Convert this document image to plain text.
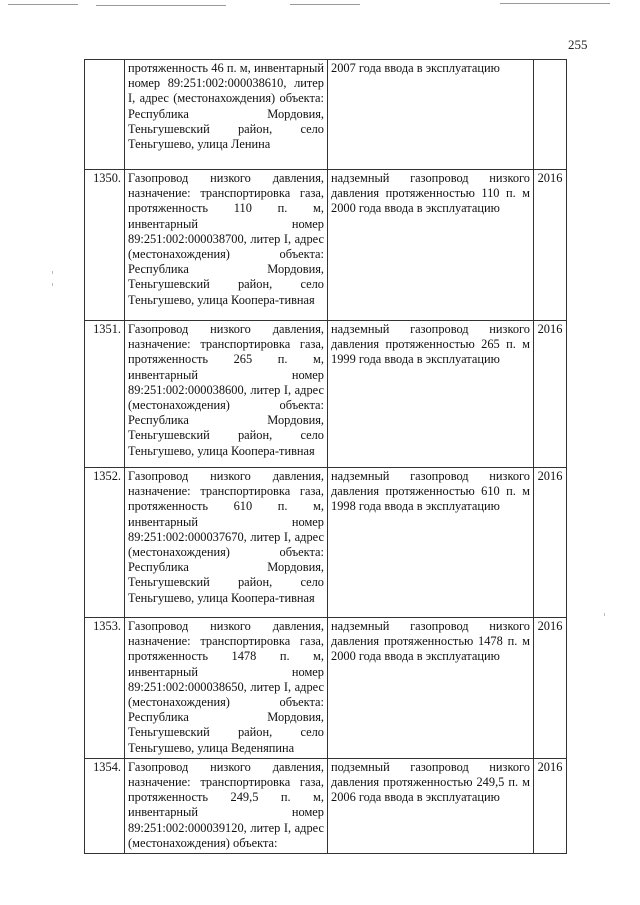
255
	протяженность 46 п. м, инвентарный номер 89:251:002:000038610, литер I, адрес (местонахождения) объекта: Республика Мордовия, Теньгушевский район, село Теньгушево, улица Ленина	2007 года ввода в эксплуатацию	
1350.	Газопровод низкого давления, назначение: транспортировка газа, протяженность 110 п. м, инвентарный номер 89:251:002:000038700, литер I, адрес (местонахождения) объекта: Республика Мордовия, Теньгушевский район, село Теньгушево, улица Коопера-тивная	надземный газопровод низкого давления протяженностью 110 п. м 2000 года ввода в эксплуатацию	2016
1351.	Газопровод низкого давления, назначение: транспортировка газа, протяженность 265 п. м, инвентарный номер 89:251:002:000038600, литер I, адрес (местонахождения) объекта: Республика Мордовия, Теньгушевский район, село Теньгушево, улица Коопера-тивная	надземный газопровод низкого давления протяженностью 265 п. м 1999 года ввода в эксплуатацию	2016
1352.	Газопровод низкого давления, назначение: транспортировка газа, протяженность 610 п. м, инвентарный номер 89:251:002:000037670, литер I, адрес (местонахождения) объекта: Республика Мордовия, Теньгушевский район, село Теньгушево, улица Коопера-тивная	надземный газопровод низкого давления протяженностью 610 п. м 1998 года ввода в эксплуатацию	2016
1353.	Газопровод низкого давления, назначение: транспортировка газа, протяженность 1478 п. м, инвентарный номер 89:251:002:000038650, литер I, адрес (местонахождения) объекта: Республика Мордовия, Теньгушевский район, село Теньгушево, улица Веденяпина	надземный газопровод низкого давления протяженностью 1478 п. м 2000 года ввода в эксплуатацию	2016
1354.	Газопровод низкого давления, назначение: транспортировка газа, протяженность 249,5 п. м, инвентарный номер 89:251:002:000039120, литер I, адрес (местонахождения) объекта:	подземный газопровод низкого давления протяженностью 249,5 п. м 2006 года ввода в эксплуатацию	2016
